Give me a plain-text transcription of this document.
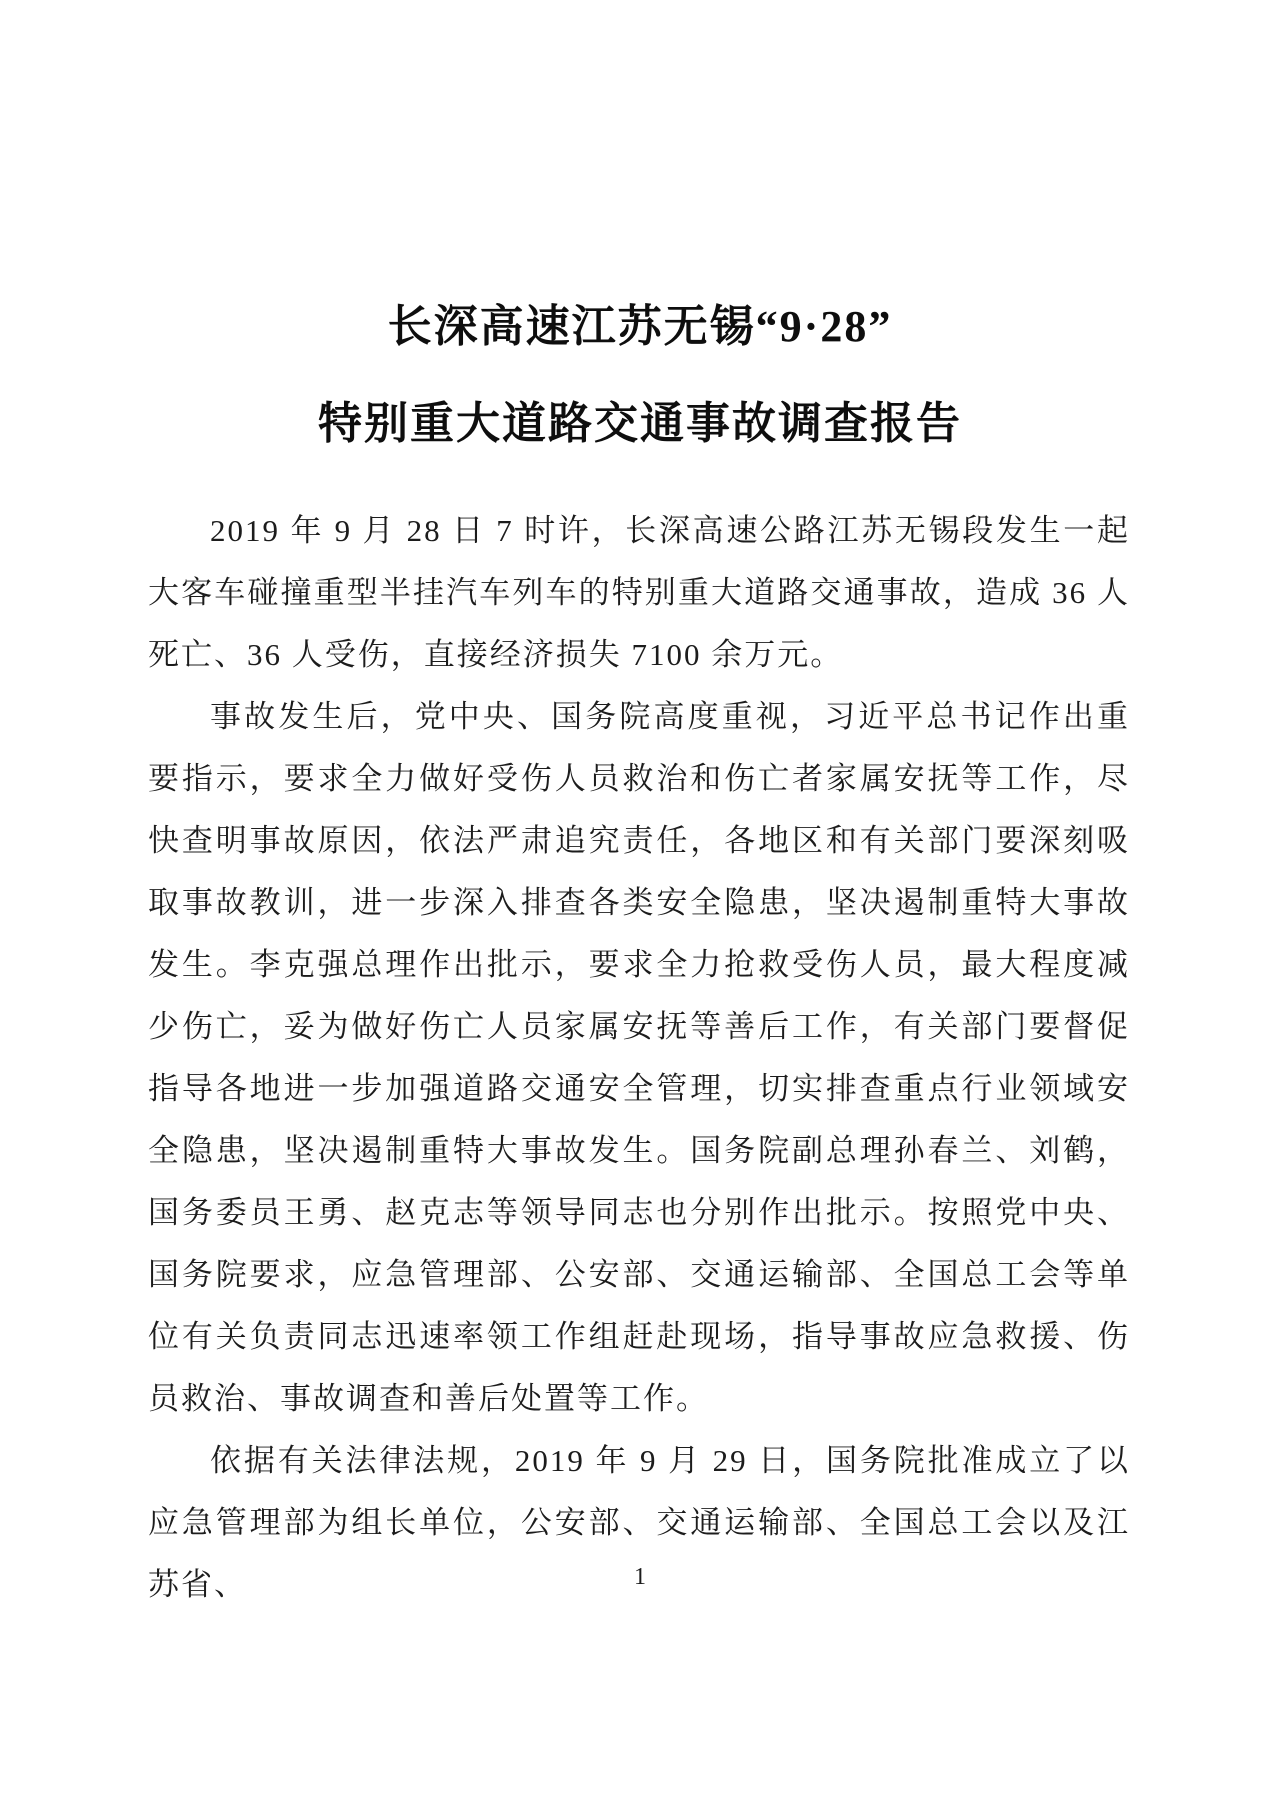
长深高速江苏无锡“9·28”
特别重大道路交通事故调查报告

2019 年 9 月 28 日 7 时许，长深高速公路江苏无锡段发生一起大客车碰撞重型半挂汽车列车的特别重大道路交通事故，造成 36 人死亡、36 人受伤，直接经济损失 7100 余万元。

事故发生后，党中央、国务院高度重视，习近平总书记作出重要指示，要求全力做好受伤人员救治和伤亡者家属安抚等工作，尽快查明事故原因，依法严肃追究责任，各地区和有关部门要深刻吸取事故教训，进一步深入排查各类安全隐患，坚决遏制重特大事故发生。李克强总理作出批示，要求全力抢救受伤人员，最大程度减少伤亡，妥为做好伤亡人员家属安抚等善后工作，有关部门要督促指导各地进一步加强道路交通安全管理，切实排查重点行业领域安全隐患，坚决遏制重特大事故发生。国务院副总理孙春兰、刘鹤，国务委员王勇、赵克志等领导同志也分别作出批示。按照党中央、国务院要求，应急管理部、公安部、交通运输部、全国总工会等单位有关负责同志迅速率领工作组赶赴现场，指导事故应急救援、伤员救治、事故调查和善后处置等工作。

依据有关法律法规，2019 年 9 月 29 日，国务院批准成立了以应急管理部为组长单位，公安部、交通运输部、全国总工会以及江苏省、	1
